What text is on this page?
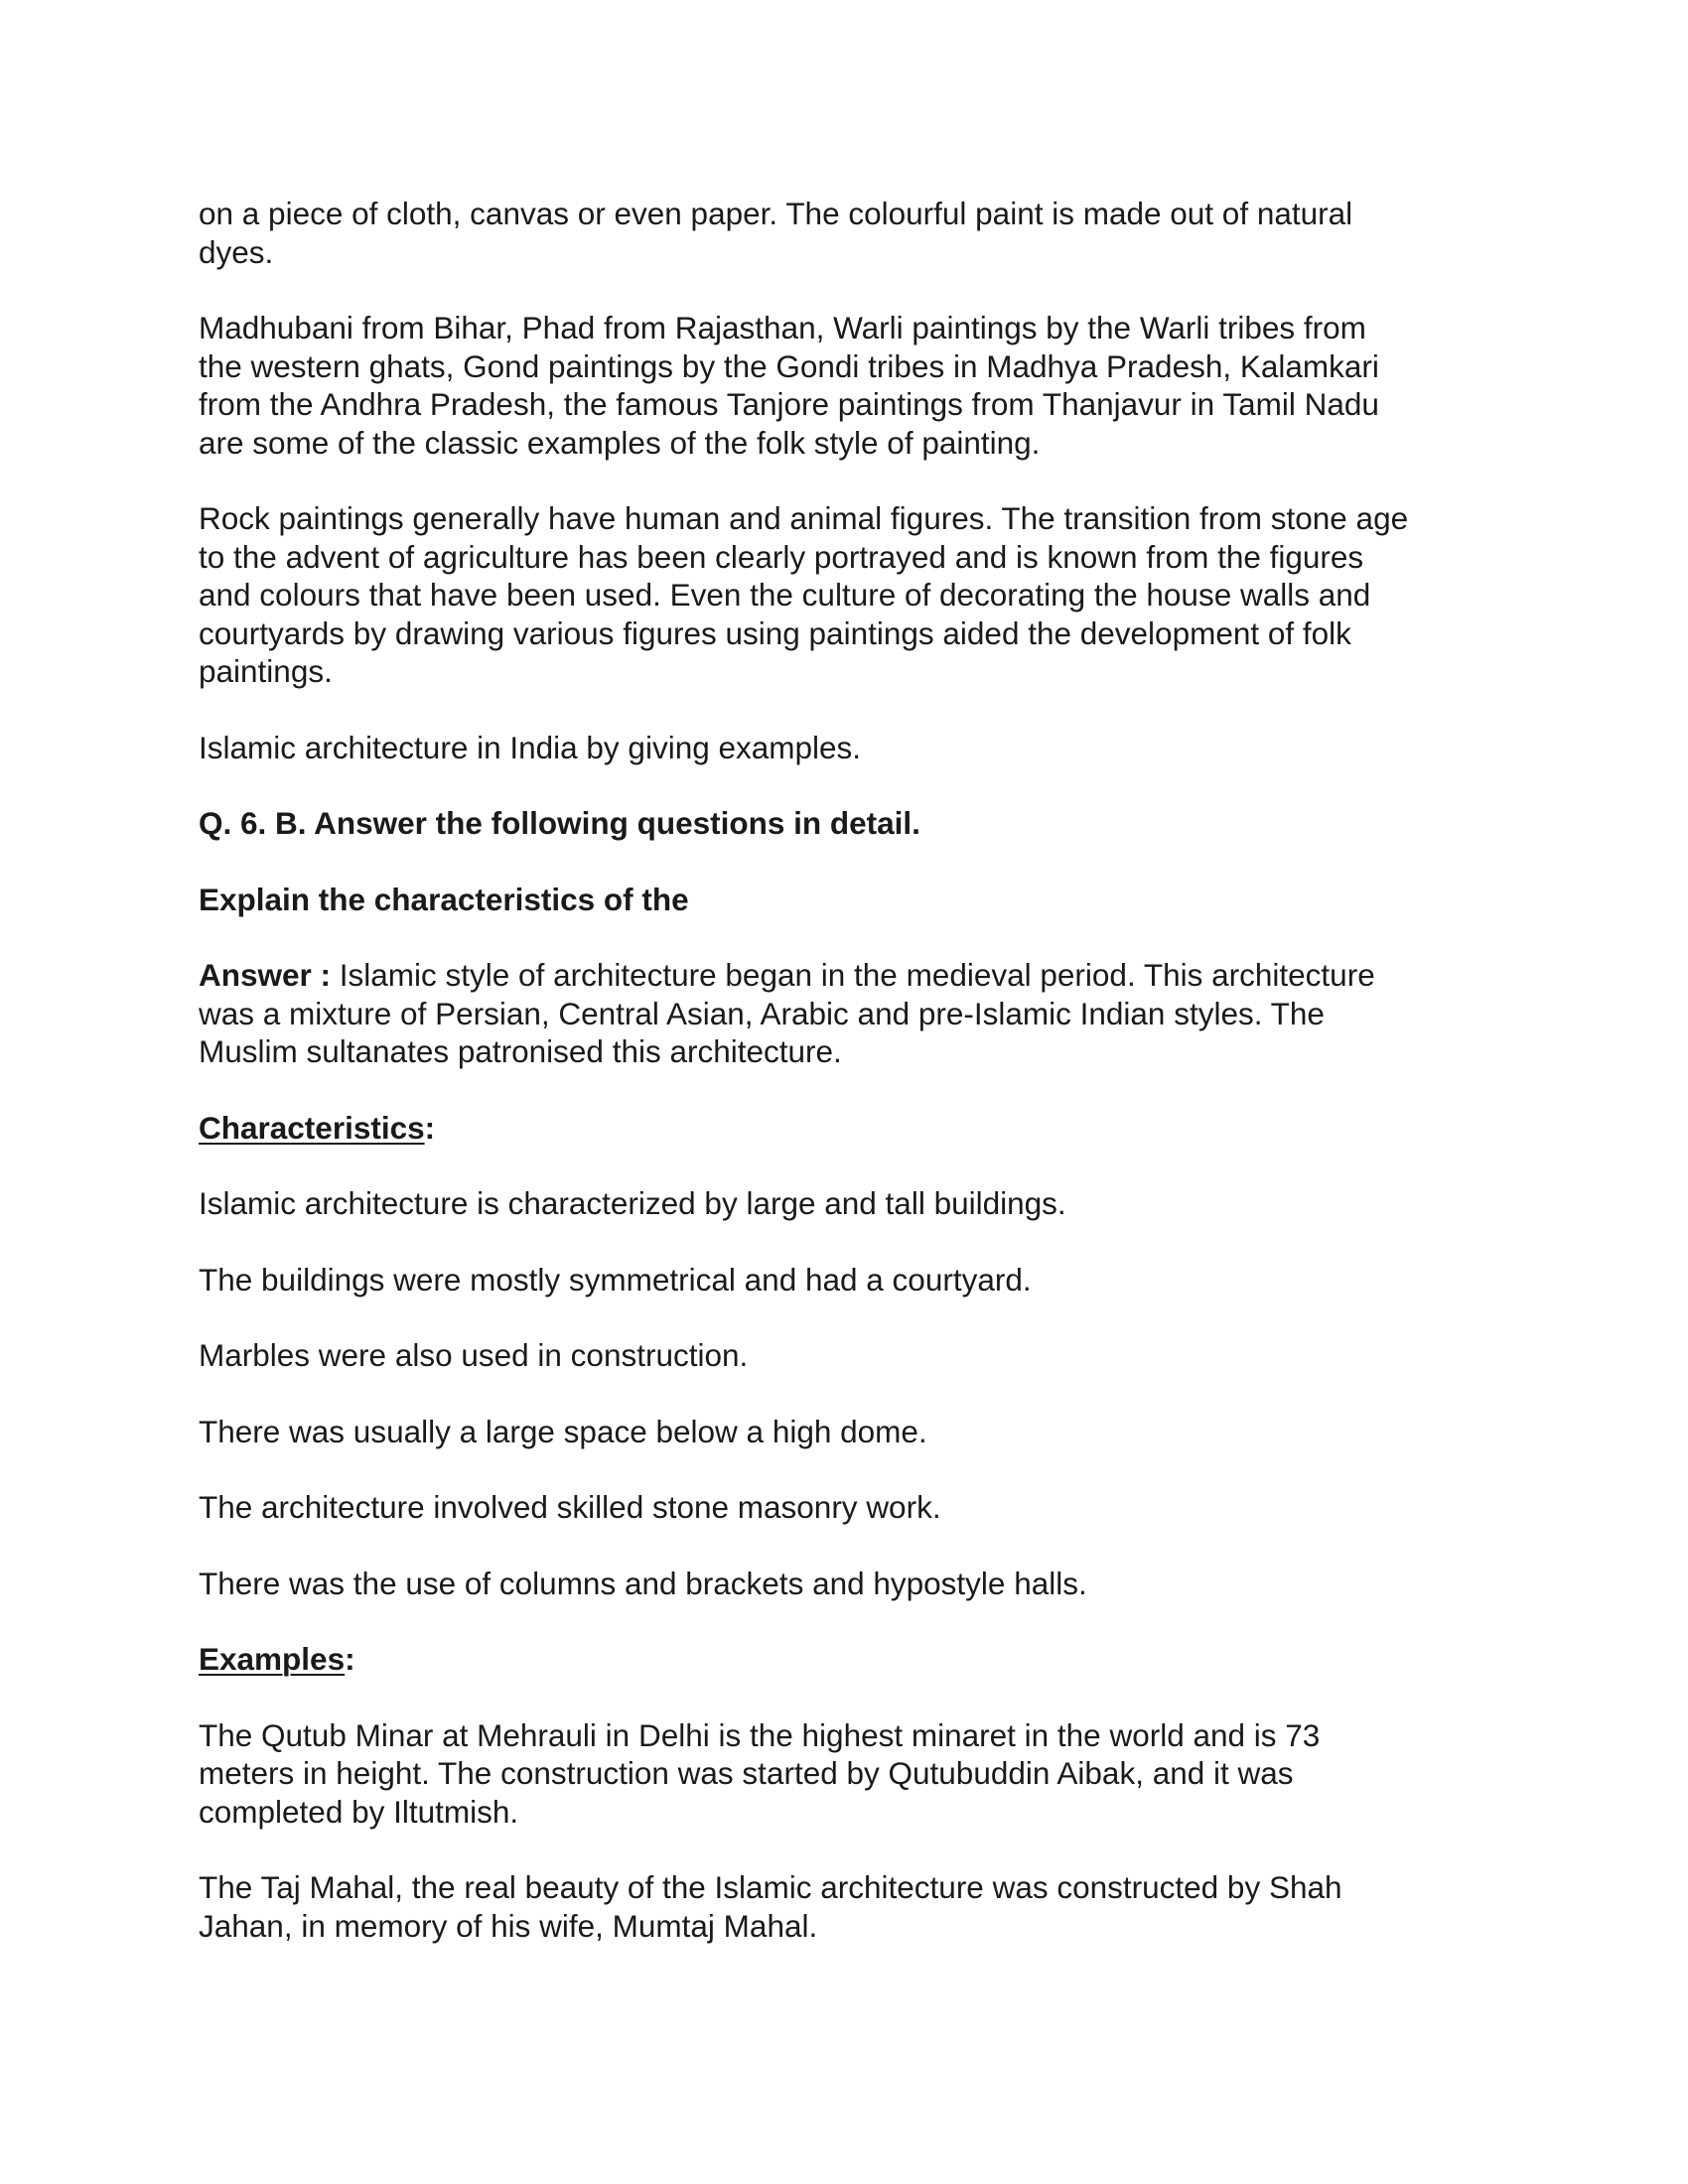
on a piece of cloth, canvas or even paper. The colourful paint is made out of natural
dyes.

Madhubani from Bihar, Phad from Rajasthan, Warli paintings by the Warli tribes from
the western ghats, Gond paintings by the Gondi tribes in Madhya Pradesh, Kalamkari
from the Andhra Pradesh, the famous Tanjore paintings from Thanjavur in Tamil Nadu
are some of the classic examples of the folk style of painting.

Rock paintings generally have human and animal figures. The transition from stone age
to the advent of agriculture has been clearly portrayed and is known from the figures
and colours that have been used. Even the culture of decorating the house walls and
courtyards by drawing various figures using paintings aided the development of folk
paintings.

Islamic architecture in India by giving examples.

Q. 6. B. Answer the following questions in detail.

Explain the characteristics of the

Answer : Islamic style of architecture began in the medieval period. This architecture
was a mixture of Persian, Central Asian, Arabic and pre-Islamic Indian styles. The
Muslim sultanates patronised this architecture.

Characteristics:

Islamic architecture is characterized by large and tall buildings.

The buildings were mostly symmetrical and had a courtyard.

Marbles were also used in construction.

There was usually a large space below a high dome.

The architecture involved skilled stone masonry work.

There was the use of columns and brackets and hypostyle halls.

Examples:

The Qutub Minar at Mehrauli in Delhi is the highest minaret in the world and is 73
meters in height. The construction was started by Qutubuddin Aibak, and it was
completed by Iltutmish.

The Taj Mahal, the real beauty of the Islamic architecture was constructed by Shah
Jahan, in memory of his wife, Mumtaj Mahal.
